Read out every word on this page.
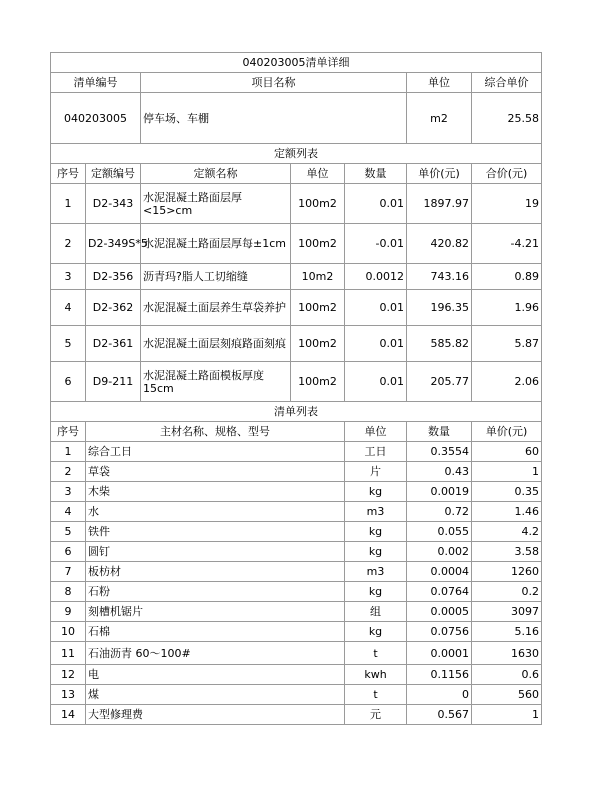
040203005清单详细							
清单编号		项目名称			单位	综合单价	
040203005		停车场、车棚			m2	25.58	
定额列表							
序号	定额编号	定额名称	单位	数量	单价(元)	合价(元)	
1	D2-343	水泥混凝土路面层厚<15>cm	100m2	0.01	1897.97	19	
2	D2-349S*5	水泥混凝土路面层厚每±1cm	100m2	-0.01	420.82	-4.21	
3	D2-356	沥青玛?脂人工切缩缝	10m2	0.0012	743.16	0.89	
4	D2-362	水泥混凝土面层养生草袋养护	100m2	0.01	196.35	1.96	
5	D2-361	水泥混凝土面层刻痕路面刻痕	100m2	0.01	585.82	5.87	
6	D9-211	水泥混凝土路面模板厚度15cm	100m2	0.01	205.77	2.06	
清单列表							
序号	主材名称、规格、型号			单位	数量	单价(元)	
1	综合工日			工日	0.3554	60	
2	草袋			片	0.43	1	
3	木柴			kg	0.0019	0.35	
4	水			m3	0.72	1.46	
5	铁件			kg	0.055	4.2	
6	圆钉			kg	0.002	3.58	
7	板枋材			m3	0.0004	1260	
8	石粉			kg	0.0764	0.2	
9	刻槽机锯片			组	0.0005	3097	
10	石棉			kg	0.0756	5.16	
11	石油沥青 60～100#			t	0.0001	1630	
12	电			kwh	0.1156	0.6	
13	煤			t	0	560	
14	大型修理费			元	0.567	1	
